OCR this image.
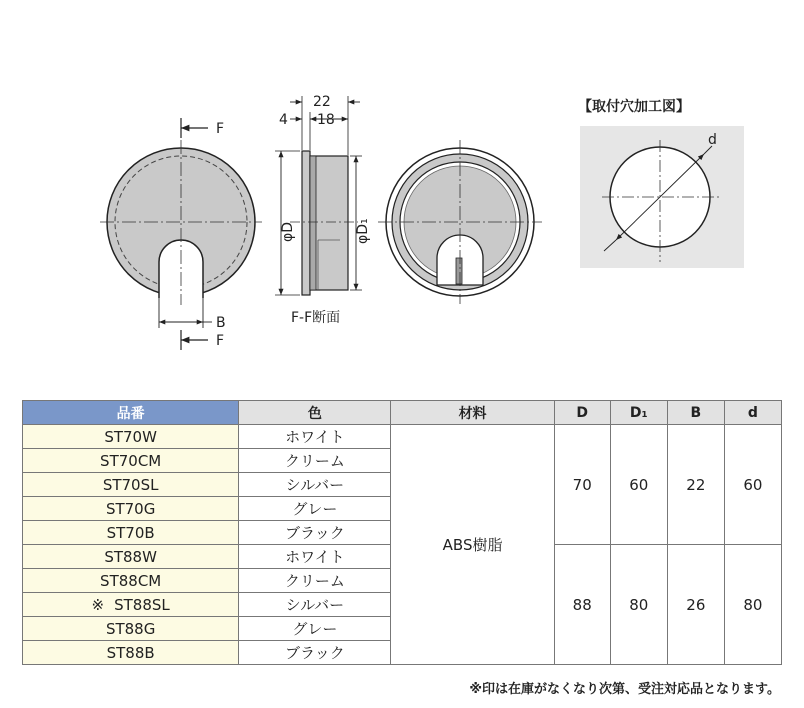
F
F
B
22
4 18
φD	φD₁
F-F断面
d
【取付穴加工図】
品番	色	材料	D	D₁	B	d
ST70W	ホワイト	ABS樹脂	70	60	22	60
ST70CM	クリーム					
ST70SL	シルバー					
ST70G	グレー					
ST70B	ブラック					
ST88W	ホワイト		88	80	26	80
ST88CM	クリーム					
※ ST88SL	シルバー					
ST88G	グレー					
ST88B	ブラック					
※印は在庫がなくなり次第、受注対応品となります。
